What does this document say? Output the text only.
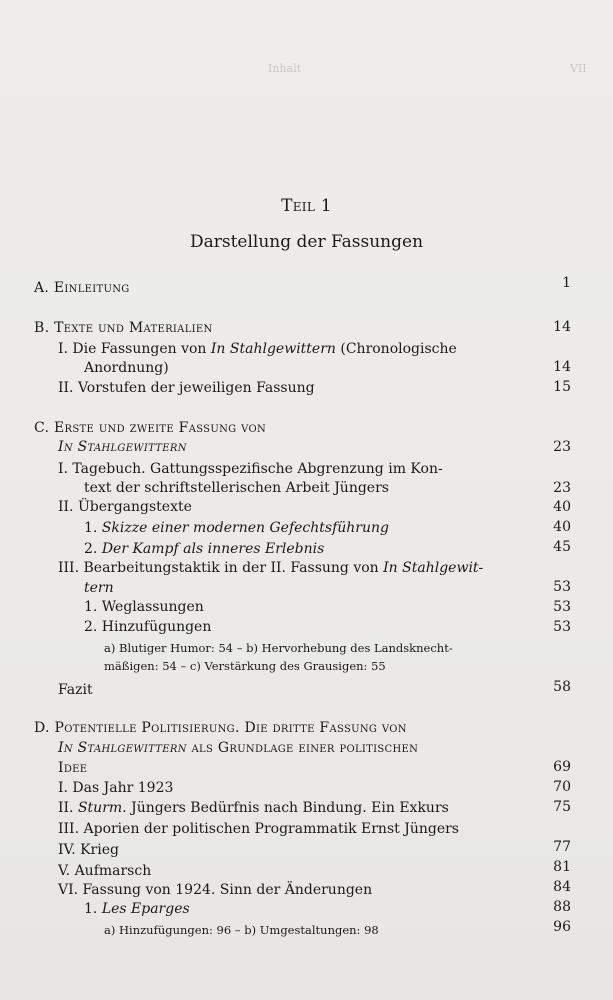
Inhalt	VII
Teil 1
Darstellung der Fassungen
A. Einleitung	1
B. Texte und Materialien	14
I. Die Fassungen von In Stahlgewittern (Chronologische
Anordnung)	14
II. Vorstufen der jeweiligen Fassung	15
C. Erste und zweite Fassung von
In Stahlgewittern	23
I. Tagebuch. Gattungsspezifische Abgrenzung im Kon-
text der schriftstellerischen Arbeit Jüngers	23
II. Übergangstexte	40
1. Skizze einer modernen Gefechtsführung	40
2. Der Kampf als inneres Erlebnis	45
III. Bearbeitungstaktik in der II. Fassung von In Stahlgewit-
tern	53
1. Weglassungen	53
2. Hinzufügungen	53
a) Blutiger Humor: 54 – b) Hervorhebung des Landsknecht-
mäßigen: 54 – c) Verstärkung des Grausigen: 55
Fazit	58
D. Potentielle Politisierung. Die dritte Fassung von
In Stahlgewittern als Grundlage einer politischen
Idee	69
I. Das Jahr 1923	70
II. Sturm. Jüngers Bedürfnis nach Bindung. Ein Exkurs	75
III. Aporien der politischen Programmatik Ernst Jüngers
IV. Krieg	77
V. Aufmarsch	81
VI. Fassung von 1924. Sinn der Änderungen	84
1. Les Eparges	88
a) Hinzufügungen: 96 – b) Umgestaltungen: 98	96
